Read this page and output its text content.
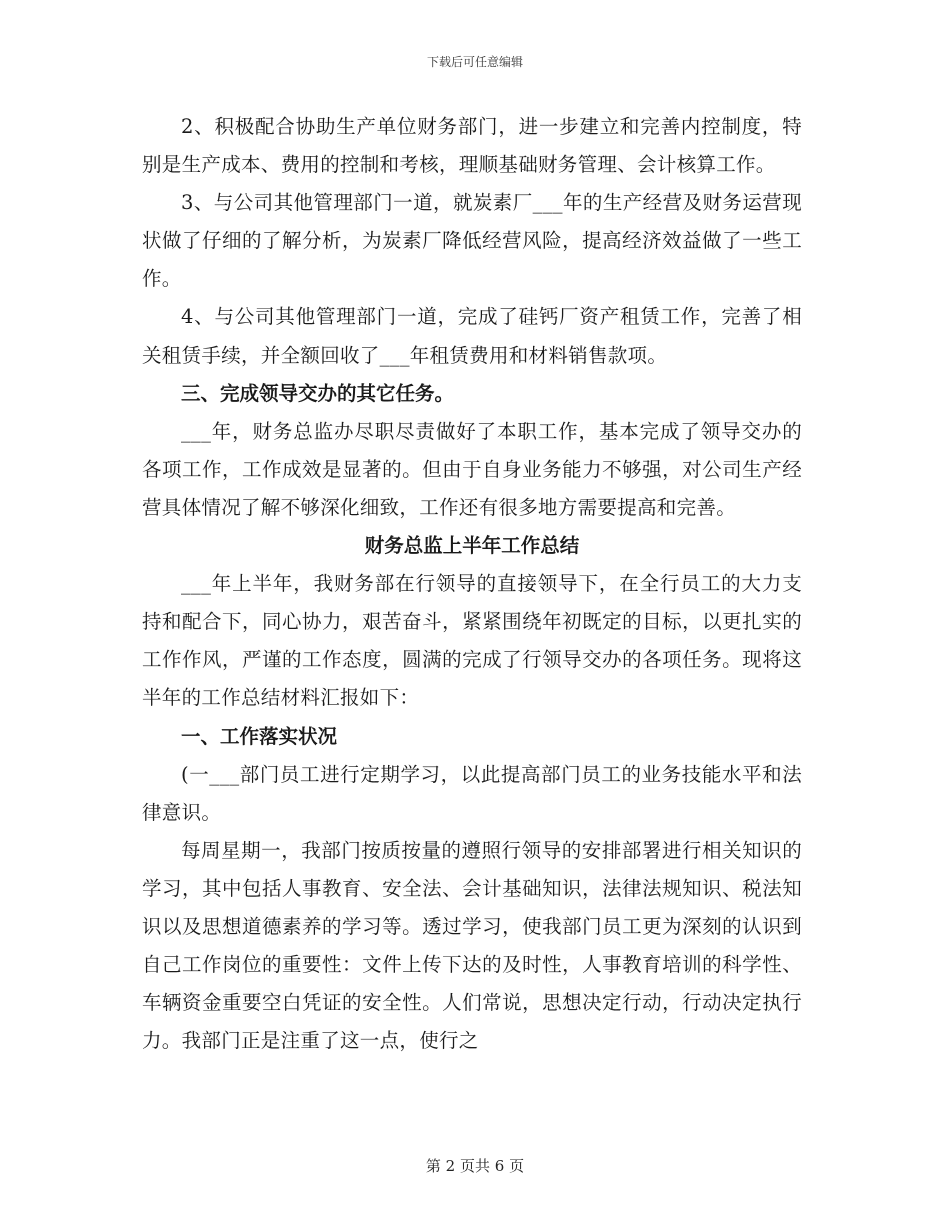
下载后可任意编辑

2、积极配合协助生产单位财务部门，进一步建立和完善内控制度，特别是生产成本、费用的控制和考核，理顺基础财务管理、会计核算工作。

3、与公司其他管理部门一道，就炭素厂___年的生产经营及财务运营现状做了仔细的了解分析，为炭素厂降低经营风险，提高经济效益做了一些工作。

4、与公司其他管理部门一道，完成了硅钙厂资产租赁工作，完善了相关租赁手续，并全额回收了___年租赁费用和材料销售款项。

三、完成领导交办的其它任务。

___年，财务总监办尽职尽责做好了本职工作，基本完成了领导交办的各项工作，工作成效是显著的。但由于自身业务能力不够强，对公司生产经营具体情况了解不够深化细致，工作还有很多地方需要提高和完善。

财务总监上半年工作总结

___年上半年，我财务部在行领导的直接领导下，在全行员工的大力支持和配合下，同心协力，艰苦奋斗，紧紧围绕年初既定的目标，以更扎实的工作作风，严谨的工作态度，圆满的完成了行领导交办的各项任务。现将这半年的工作总结材料汇报如下：

一、工作落实状况

(一___部门员工进行定期学习，以此提高部门员工的业务技能水平和法律意识。

每周星期一，我部门按质按量的遵照行领导的安排部署进行相关知识的学习，其中包括人事教育、安全法、会计基础知识，法律法规知识、税法知识以及思想道德素养的学习等。透过学习，使我部门员工更为深刻的认识到自己工作岗位的重要性：文件上传下达的及时性，人事教育培训的科学性、车辆资金重要空白凭证的安全性。人们常说，思想决定行动，行动决定执行力。我部门正是注重了这一点，使行之

第 2 页共 6 页
